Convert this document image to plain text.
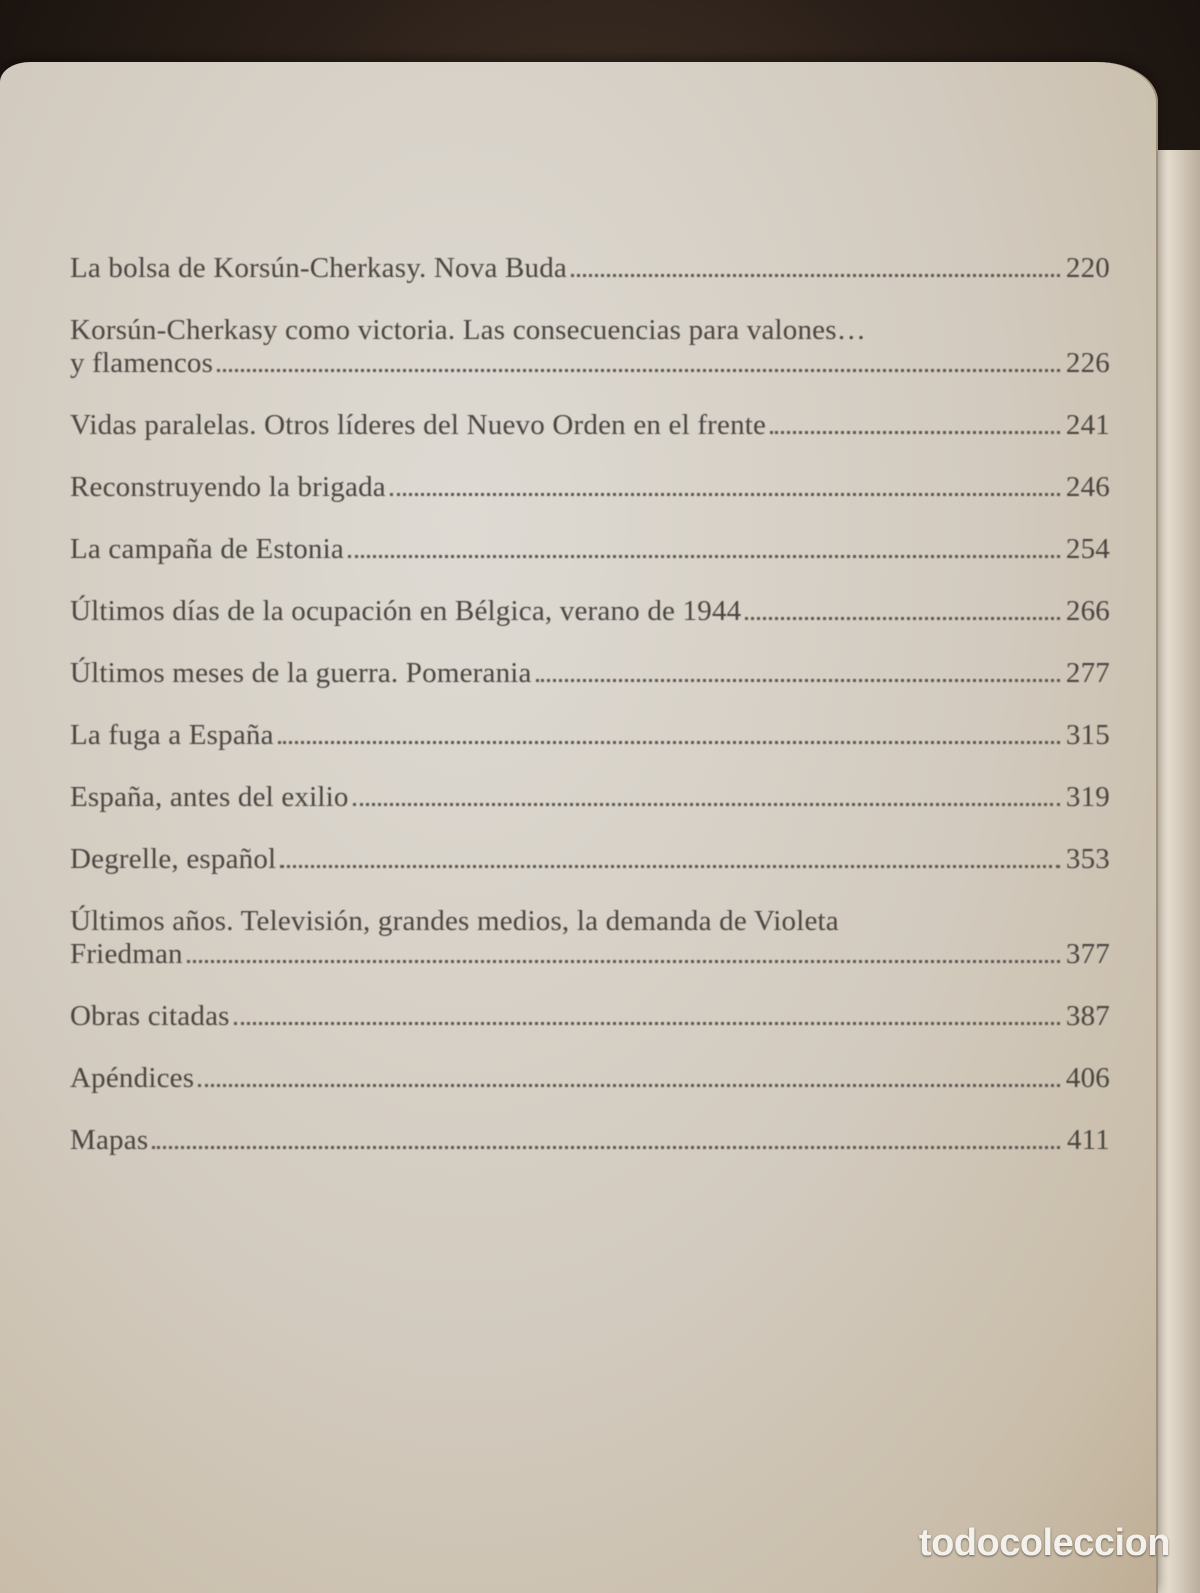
La bolsa de Korsún-Cherkasy. Nova Buda	220
Korsún-Cherkasy como victoria. Las consecuencias para valones…
y flamencos	226
Vidas paralelas. Otros líderes del Nuevo Orden en el frente	241
Reconstruyendo la brigada	246
La campaña de Estonia	254
Últimos días de la ocupación en Bélgica, verano de 1944	266
Últimos meses de la guerra. Pomerania	277
La fuga a España	315
España, antes del exilio	319
Degrelle, español	353
Últimos años. Televisión, grandes medios, la demanda de Violeta
Friedman	377
Obras citadas	387
Apéndices	406
Mapas	411
todocoleccion
